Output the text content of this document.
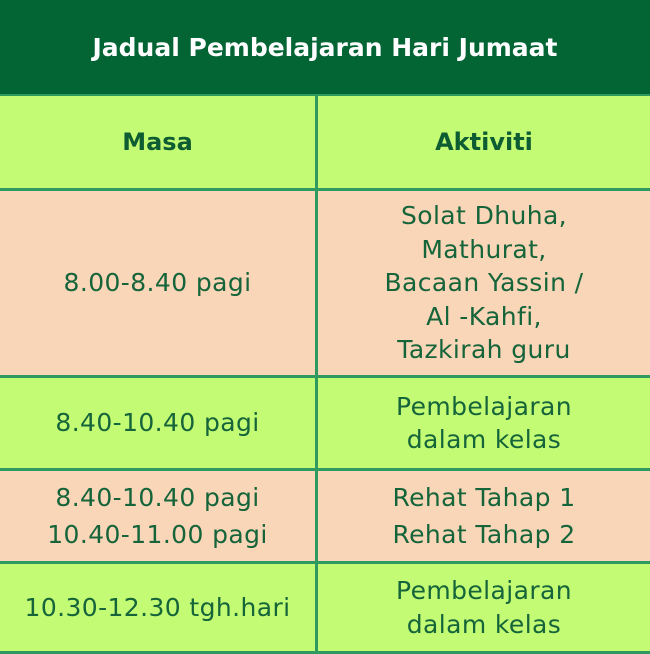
Jadual Pembelajaran Hari Jumaat
Masa	Aktiviti
8.00-8.40 pagi
Solat Dhuha,
Mathurat,
Bacaan Yassin /
Al -Kahfi,
Tazkirah guru
8.40-10.40 pagi
Pembelajaran
dalam kelas
8.40-10.40 pagi
10.40-11.00 pagi
Rehat Tahap 1
Rehat Tahap 2
10.30-12.30 tgh.hari
Pembelajaran
dalam kelas
